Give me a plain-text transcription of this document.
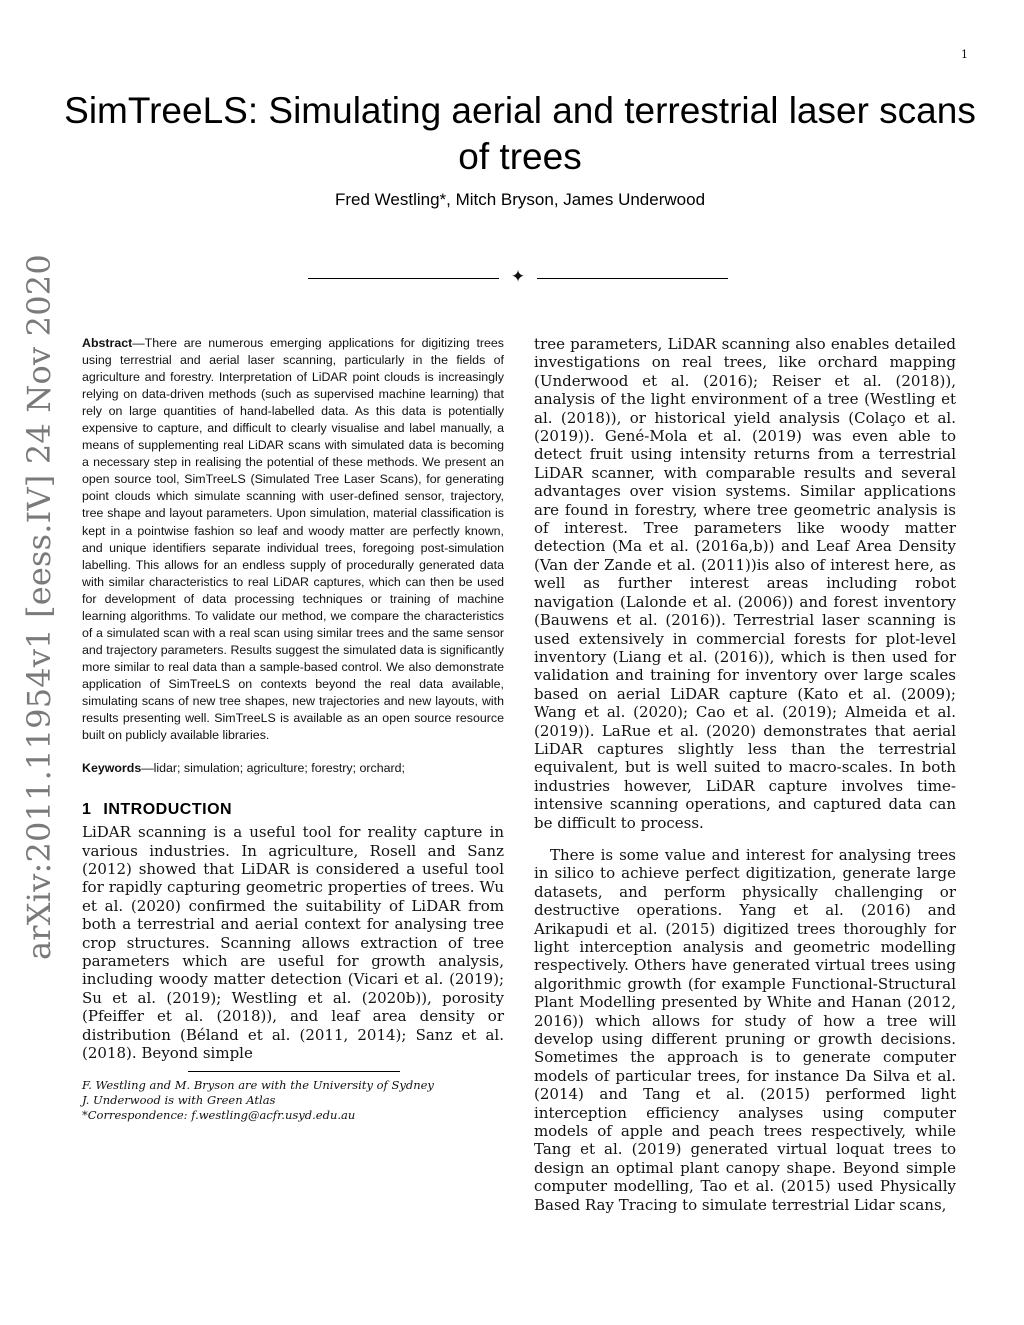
1
SimTreeLS: Simulating aerial and terrestrial laser scans of trees
Fred Westling*, Mitch Bryson, James Underwood
✦
arXiv:2011.11954v1 [eess.IV] 24 Nov 2020 Abstract—There are numerous emerging applications for digitizing trees using terrestrial and aerial laser scanning, particularly in the fields of agriculture and forestry. Interpretation of LiDAR point clouds is increasingly relying on data-driven methods (such as supervised machine learning) that rely on large quantities of hand-labelled data. As this data is potentially expensive to capture, and difficult to clearly visualise and label manually, a means of supplementing real LiDAR scans with simulated data is becoming a necessary step in realising the potential of these methods. We present an open source tool, SimTreeLS (Simulated Tree Laser Scans), for generating point clouds which simulate scanning with user-defined sensor, trajectory, tree shape and layout parameters. Upon simulation, material classification is kept in a pointwise fashion so leaf and woody matter are perfectly known, and unique identifiers separate individual trees, foregoing post-simulation labelling. This allows for an endless supply of procedurally generated data with similar characteristics to real LiDAR captures, which can then be used for development of data processing techniques or training of machine learning algorithms. To validate our method, we compare the characteristics of a simulated scan with a real scan using similar trees and the same sensor and trajectory parameters. Results suggest the simulated data is significantly more similar to real data than a sample-based control. We also demonstrate application of SimTreeLS on contexts beyond the real data available, simulating scans of new tree shapes, new trajectories and new layouts, with results presenting well. SimTreeLS is available as an open source resource built on publicly available libraries.

Keywords—lidar; simulation; agriculture; forestry; orchard;

1 INTRODUCTION

LiDAR scanning is a useful tool for reality capture in various industries. In agriculture, Rosell and Sanz (2012) showed that LiDAR is considered a useful tool for rapidly capturing geometric properties of trees. Wu et al. (2020) confirmed the suitability of LiDAR from both a terrestrial and aerial context for analysing tree crop structures. Scanning allows extraction of tree parameters which are useful for growth analysis, including woody matter detection (Vicari et al. (2019); Su et al. (2019); Westling et al. (2020b)), porosity (Pfeiffer et al. (2018)), and leaf area density or distribution (Béland et al. (2011, 2014); Sanz et al. (2018). Beyond simple

F. Westling and M. Bryson are with the University of Sydney
J. Underwood is with Green Atlas
*Correspondence: f.westling@acfr.usyd.edu.au

tree parameters, LiDAR scanning also enables detailed investigations on real trees, like orchard mapping (Underwood et al. (2016); Reiser et al. (2018)), analysis of the light environment of a tree (Westling et al. (2018)), or historical yield analysis (Colaço et al. (2019)). Gené-Mola et al. (2019) was even able to detect fruit using intensity returns from a terrestrial LiDAR scanner, with comparable results and several advantages over vision systems. Similar applications are found in forestry, where tree geometric analysis is of interest. Tree parameters like woody matter detection (Ma et al. (2016a,b)) and Leaf Area Density (Van der Zande et al. (2011))is also of interest here, as well as further interest areas including robot navigation (Lalonde et al. (2006)) and forest inventory (Bauwens et al. (2016)). Terrestrial laser scanning is used extensively in commercial forests for plot-level inventory (Liang et al. (2016)), which is then used for validation and training for inventory over large scales based on aerial LiDAR capture (Kato et al. (2009); Wang et al. (2020); Cao et al. (2019); Almeida et al. (2019)). LaRue et al. (2020) demonstrates that aerial LiDAR captures slightly less than the terrestrial equivalent, but is well suited to macro-scales. In both industries however, LiDAR capture involves time-intensive scanning operations, and captured data can be difficult to process.

There is some value and interest for analysing trees in silico to achieve perfect digitization, generate large datasets, and perform physically challenging or destructive operations. Yang et al. (2016) and Arikapudi et al. (2015) digitized trees thoroughly for light interception analysis and geometric modelling respectively. Others have generated virtual trees using algorithmic growth (for example Functional-Structural Plant Modelling presented by White and Hanan (2012, 2016)) which allows for study of how a tree will develop using different pruning or growth decisions. Sometimes the approach is to generate computer models of particular trees, for instance Da Silva et al. (2014) and Tang et al. (2015) performed light interception efficiency analyses using computer models of apple and peach trees respectively, while Tang et al. (2019) generated virtual loquat trees to design an optimal plant canopy shape. Beyond simple computer modelling, Tao et al. (2015) used Physically Based Ray Tracing to simulate terrestrial Lidar scans,
